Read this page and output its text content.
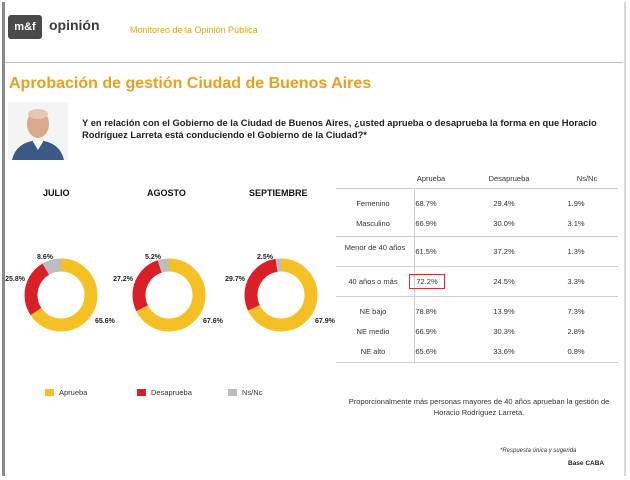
m&f opinión	Monitoreo de la Opinión Pública
Aprobación de gestión Ciudad de Buenos Aires
Y en relación con el Gobierno de la Ciudad de Buenos Aires, ¿usted aprueba o desaprueba la forma en que Horacio Rodríguez Larreta está conduciendo el Gobierno de la Ciudad?*
JULIO	AGOSTO	SEPTIEMBRE
65.6%
25.8%
8.6%
67.6%
27.2%
5.2%
67.9%
29.7%
2.5%
Aprueba	Desaprueba	Ns/Nc
Aprueba	Desaprueba	Ns/Nc
Femenino	68.7%	29.4%	1.9%
Masculino	66.9%	30.0%	3.1%
Menor de 40 años	61.5%	37.2%	1.3%
40 años o más	72.2%	24.5%	3.3%
NE bajo	78.8%	13.9%	7.3%
NE medio	66.9%	30.3%	2.8%
NE alto	65.6%	33.6%	0.8%
Proporcionalmente más personas mayores de 40 años aprueban la gestión de Horacio Rodríguez Larreta.
*Respuesta única y sugerida
Base CABA
